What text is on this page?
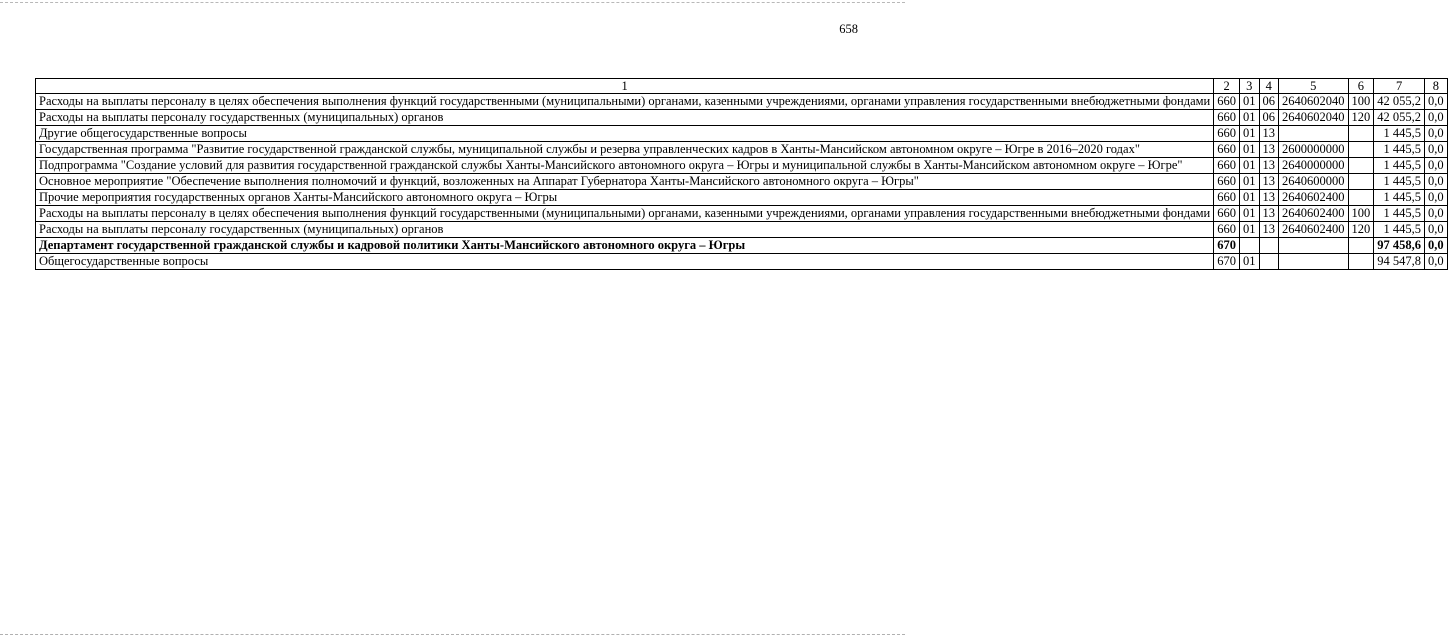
658
1	2	3	4	5	6	7	8
Расходы на выплаты персоналу в целях обеспечения выполнения функций государственными (муниципальными) органами, казенными учреждениями, органами управления государственными внебюджетными фондами	660	01	06	2640602040	100	42 055,2	0,0
Расходы на выплаты персоналу государственных (муниципальных) органов	660	01	06	2640602040	120	42 055,2	0,0
Другие общегосударственные вопросы	660	01	13			1 445,5	0,0
Государственная программа "Развитие государственной гражданской службы, муниципальной службы и резерва управленческих кадров в Ханты-Мансийском автономном округе – Югре в 2016–2020 годах"	660	01	13	2600000000		1 445,5	0,0
Подпрограмма "Создание условий для развития государственной гражданской службы Ханты-Мансийского автономного округа – Югры и муниципальной службы в Ханты-Мансийском автономном округе – Югре"	660	01	13	2640000000		1 445,5	0,0
Основное мероприятие "Обеспечение выполнения полномочий и функций, возложенных на Аппарат Губернатора Ханты-Мансийского автономного округа – Югры"	660	01	13	2640600000		1 445,5	0,0
Прочие мероприятия государственных органов Ханты-Мансийского автономного округа – Югры	660	01	13	2640602400		1 445,5	0,0
Расходы на выплаты персоналу в целях обеспечения выполнения функций государственными (муниципальными) органами, казенными учреждениями, органами управления государственными внебюджетными фондами	660	01	13	2640602400	100	1 445,5	0,0
Расходы на выплаты персоналу государственных (муниципальных) органов	660	01	13	2640602400	120	1 445,5	0,0
Департамент государственной гражданской службы и кадровой политики Ханты-Мансийского автономного округа – Югры	670					97 458,6	0,0
Общегосударственные вопросы	670	01				94 547,8	0,0
